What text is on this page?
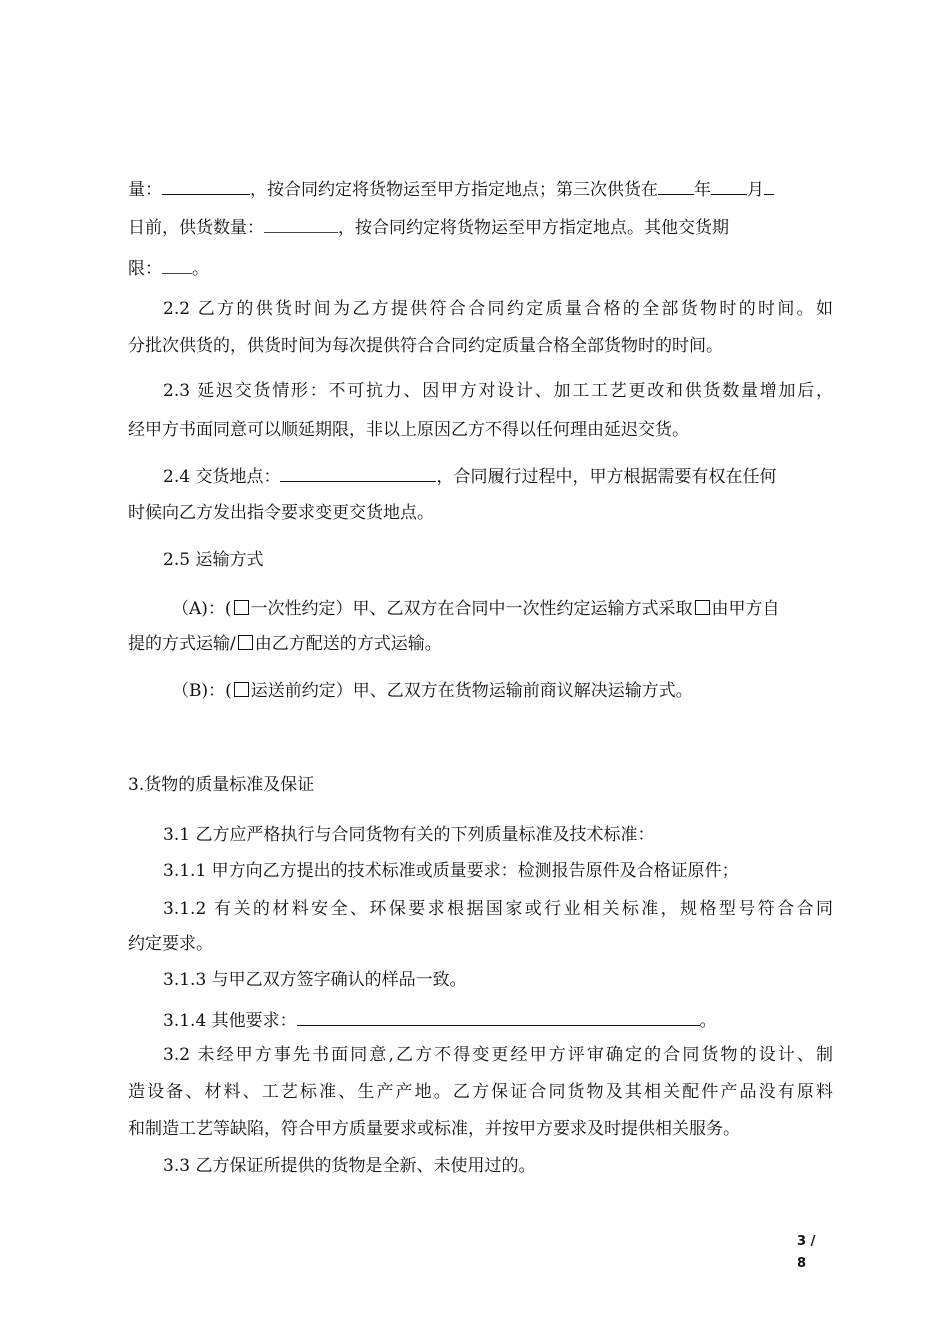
量：	，按合同约定将货物运至甲方指定地点；第三次供货在 年 月
日前，供货数量：	，按合同约定将货物运至甲方指定地点。其他交货期
限： 。
2.2 乙方的供货时间为乙方提供符合合同约定质量合格的全部货物时的时间。如
分批次供货的，供货时间为每次提供符合合同约定质量合格全部货物时的时间。
2.3 延迟交货情形：不可抗力、因甲方对设计、加工工艺更改和供货数量增加后，
经甲方书面同意可以顺延期限，非以上原因乙方不得以任何理由延迟交货。
2.4 交货地点：	，合同履行过程中，甲方根据需要有权在任何
时候向乙方发出指令要求变更交货地点。
2.5 运输方式
（A)：( 一次性约定）甲、乙双方在合同中一次性约定运输方式采取 由甲方自
提的方式运输/ 由乙方配送的方式运输。
（B)：( 运送前约定）甲、乙双方在货物运输前商议解决运输方式。
3.货物的质量标准及保证
3.1 乙方应严格执行与合同货物有关的下列质量标准及技术标准：
3.1.1 甲方向乙方提出的技术标准或质量要求：检测报告原件及合格证原件；
3.1.2 有关的材料安全、环保要求根据国家或行业相关标准，规格型号符合合同
约定要求。
3.1.3 与甲乙双方签字确认的样品一致。
3.1.4 其他要求：	。
3.2 未经甲方事先书面同意,乙方不得变更经甲方评审确定的合同货物的设计、制
造设备、材料、工艺标准、生产产地。乙方保证合同货物及其相关配件产品没有原料
和制造工艺等缺陷，符合甲方质量要求或标准，并按甲方要求及时提供相关服务。
3.3 乙方保证所提供的货物是全新、未使用过的。
3 /
8
